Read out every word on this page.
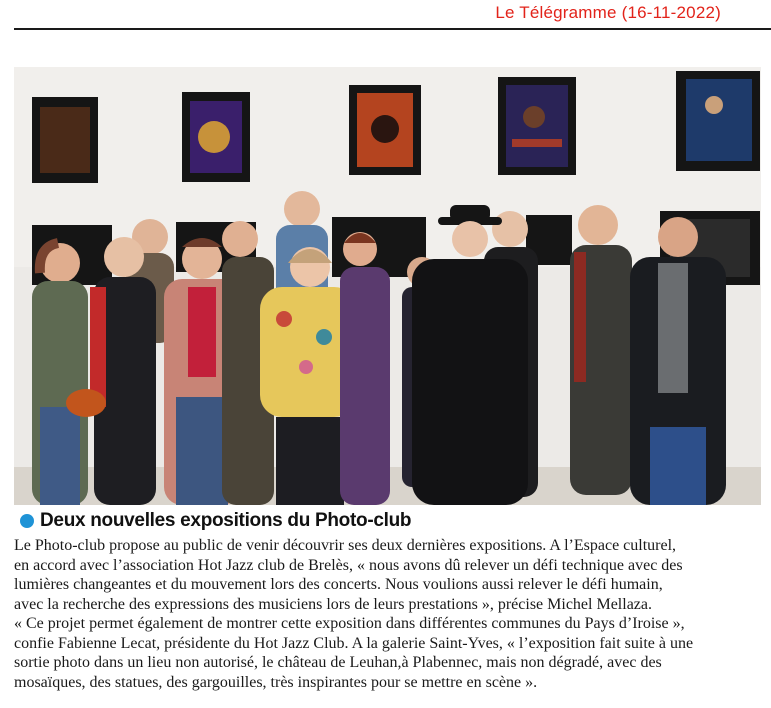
Le Télégramme (16-11-2022)
Deux nouvelles expositions du Photo-club
Le Photo-club propose au public de venir découvrir ses deux dernières expositions. A l’Espace culturel,
en accord avec l’association Hot Jazz club de Brelès, « nous avons dû relever un défi technique avec des
lumières changeantes et du mouvement lors des concerts. Nous voulions aussi relever le défi humain,
avec la recherche des expressions des musiciens lors de leurs prestations », précise Michel Mellaza.
« Ce projet permet également de montrer cette exposition dans différentes communes du Pays d’Iroise »,
confie Fabienne Lecat, présidente du Hot Jazz Club. A la galerie Saint-Yves, « l’exposition fait suite à une
sortie photo dans un lieu non autorisé, le château de Leuhan,à Plabennec, mais non dégradé, avec des
mosaïques, des statues, des gargouilles, très inspirantes pour se mettre en scène ».
